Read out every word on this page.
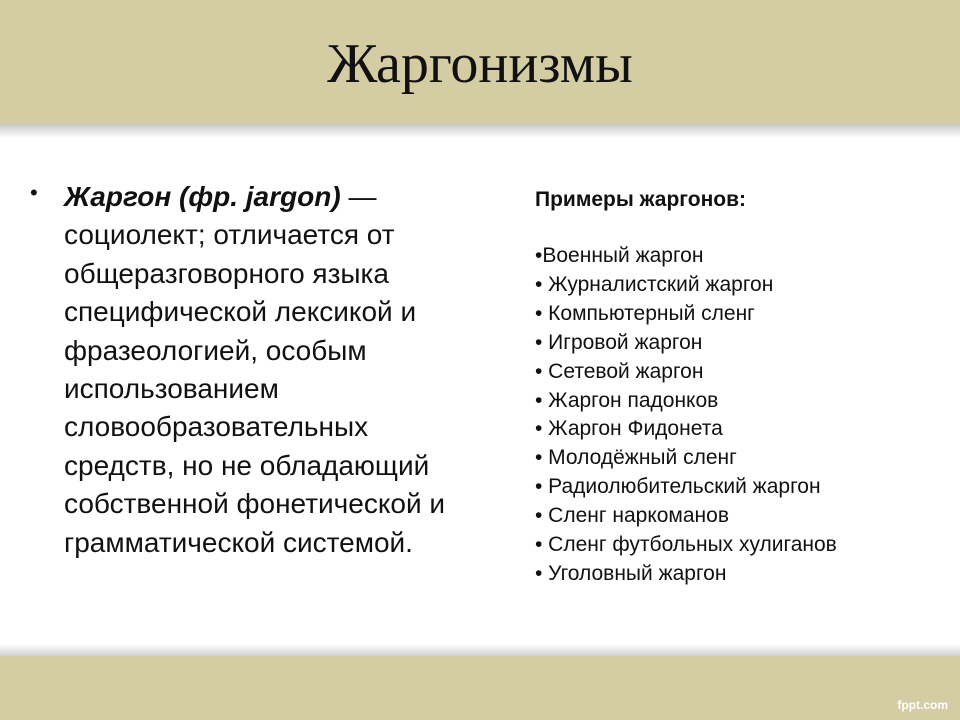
Жаргонизмы
• Жаргон (фр. jargon) — социолект; отличается от общеразговорного языка специфической лексикой и фразеологией, особым использованием словообразовательных средств, но не обладающий собственной фонетической и грамматической системой.
Примеры жаргонов:
•Военный жаргон
• Журналистский жаргон
• Компьютерный сленг
• Игровой жаргон
• Сетевой жаргон
• Жаргон падонков
• Жаргон Фидонета
• Молодёжный сленг
• Радиолюбительский жаргон
• Сленг наркоманов
• Сленг футбольных хулиганов
• Уголовный жаргон
fppt.com
